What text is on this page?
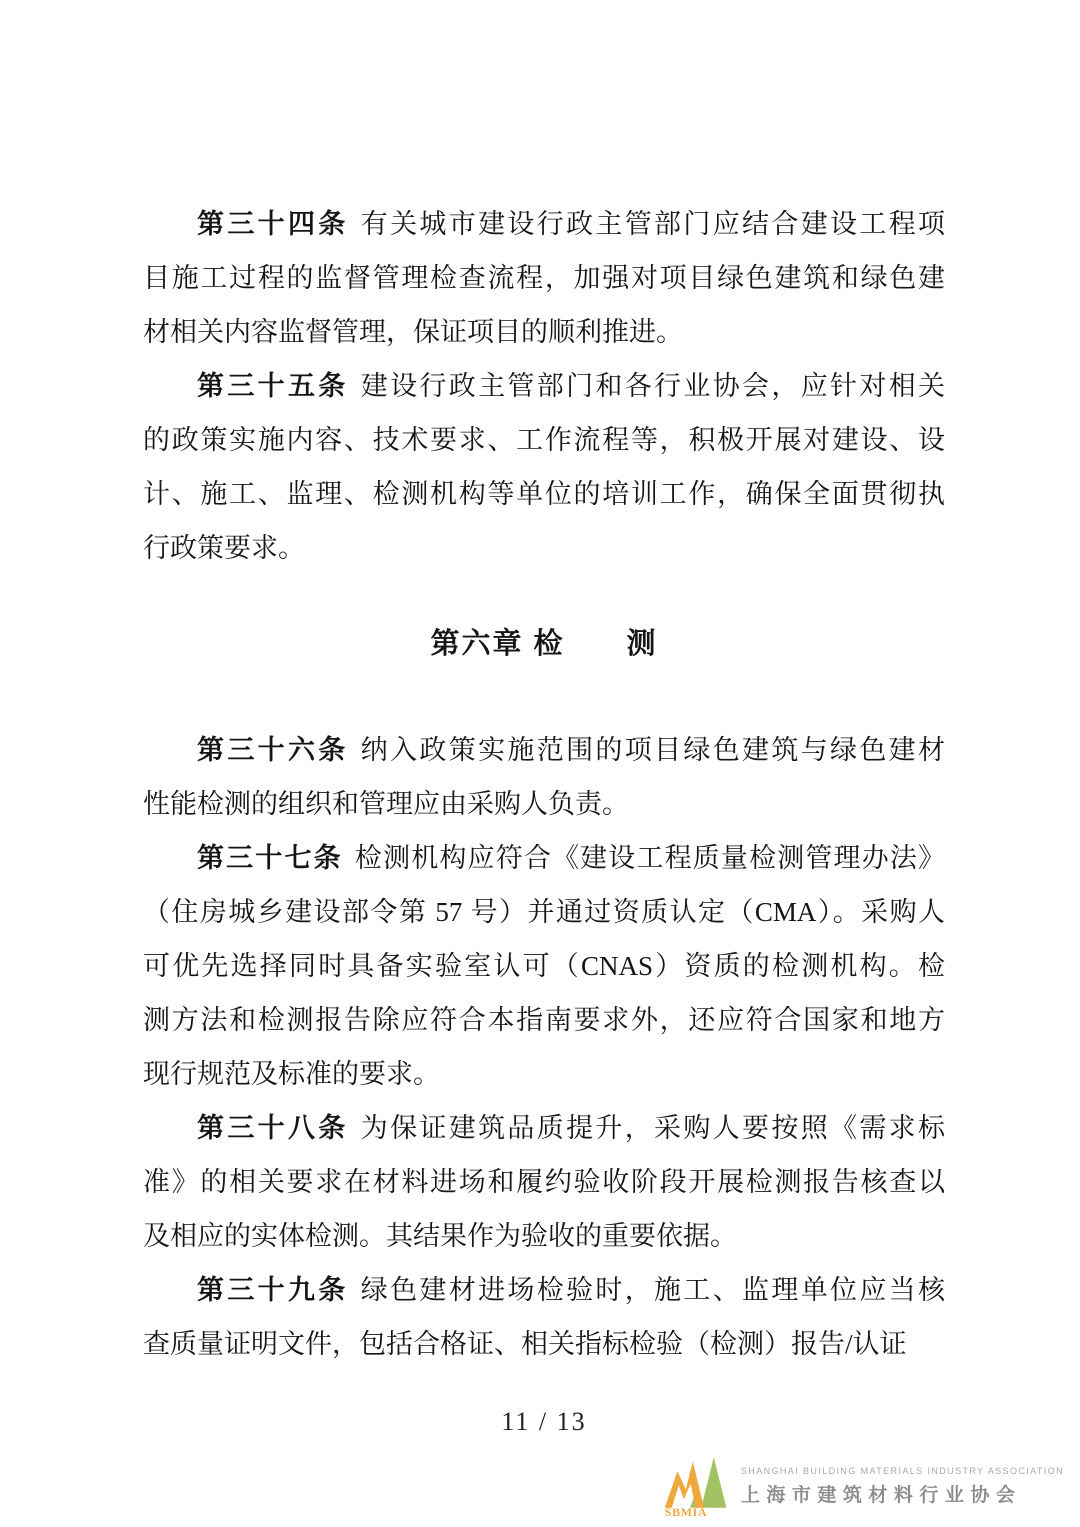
第三十四条 有关城市建设行政主管部门应结合建设工程项
目施工过程的监督管理检查流程，加强对项目绿色建筑和绿色建
材相关内容监督管理，保证项目的顺利推进。
第三十五条 建设行政主管部门和各行业协会，应针对相关
的政策实施内容、技术要求、工作流程等，积极开展对建设、设
计、施工、监理、检测机构等单位的培训工作，确保全面贯彻执
行政策要求。
第六章 检　　测
第三十六条 纳入政策实施范围的项目绿色建筑与绿色建材
性能检测的组织和管理应由采购人负责。
第三十七条 检测机构应符合《建设工程质量检测管理办法》
（住房城乡建设部令第 57 号）并通过资质认定（CMA）。采购人
可优先选择同时具备实验室认可（CNAS）资质的检测机构。检
测方法和检测报告除应符合本指南要求外，还应符合国家和地方
现行规范及标准的要求。
第三十八条 为保证建筑品质提升，采购人要按照《需求标
准》的相关要求在材料进场和履约验收阶段开展检测报告核查以
及相应的实体检测。其结果作为验收的重要依据。
第三十九条 绿色建材进场检验时，施工、监理单位应当核
查质量证明文件，包括合格证、相关指标检验（检测）报告/认证
11 / 13
SBMIA
SHANGHAI BUILDING MATERIALS INDUSTRY ASSOCIATION
上海市建筑材料行业协会
